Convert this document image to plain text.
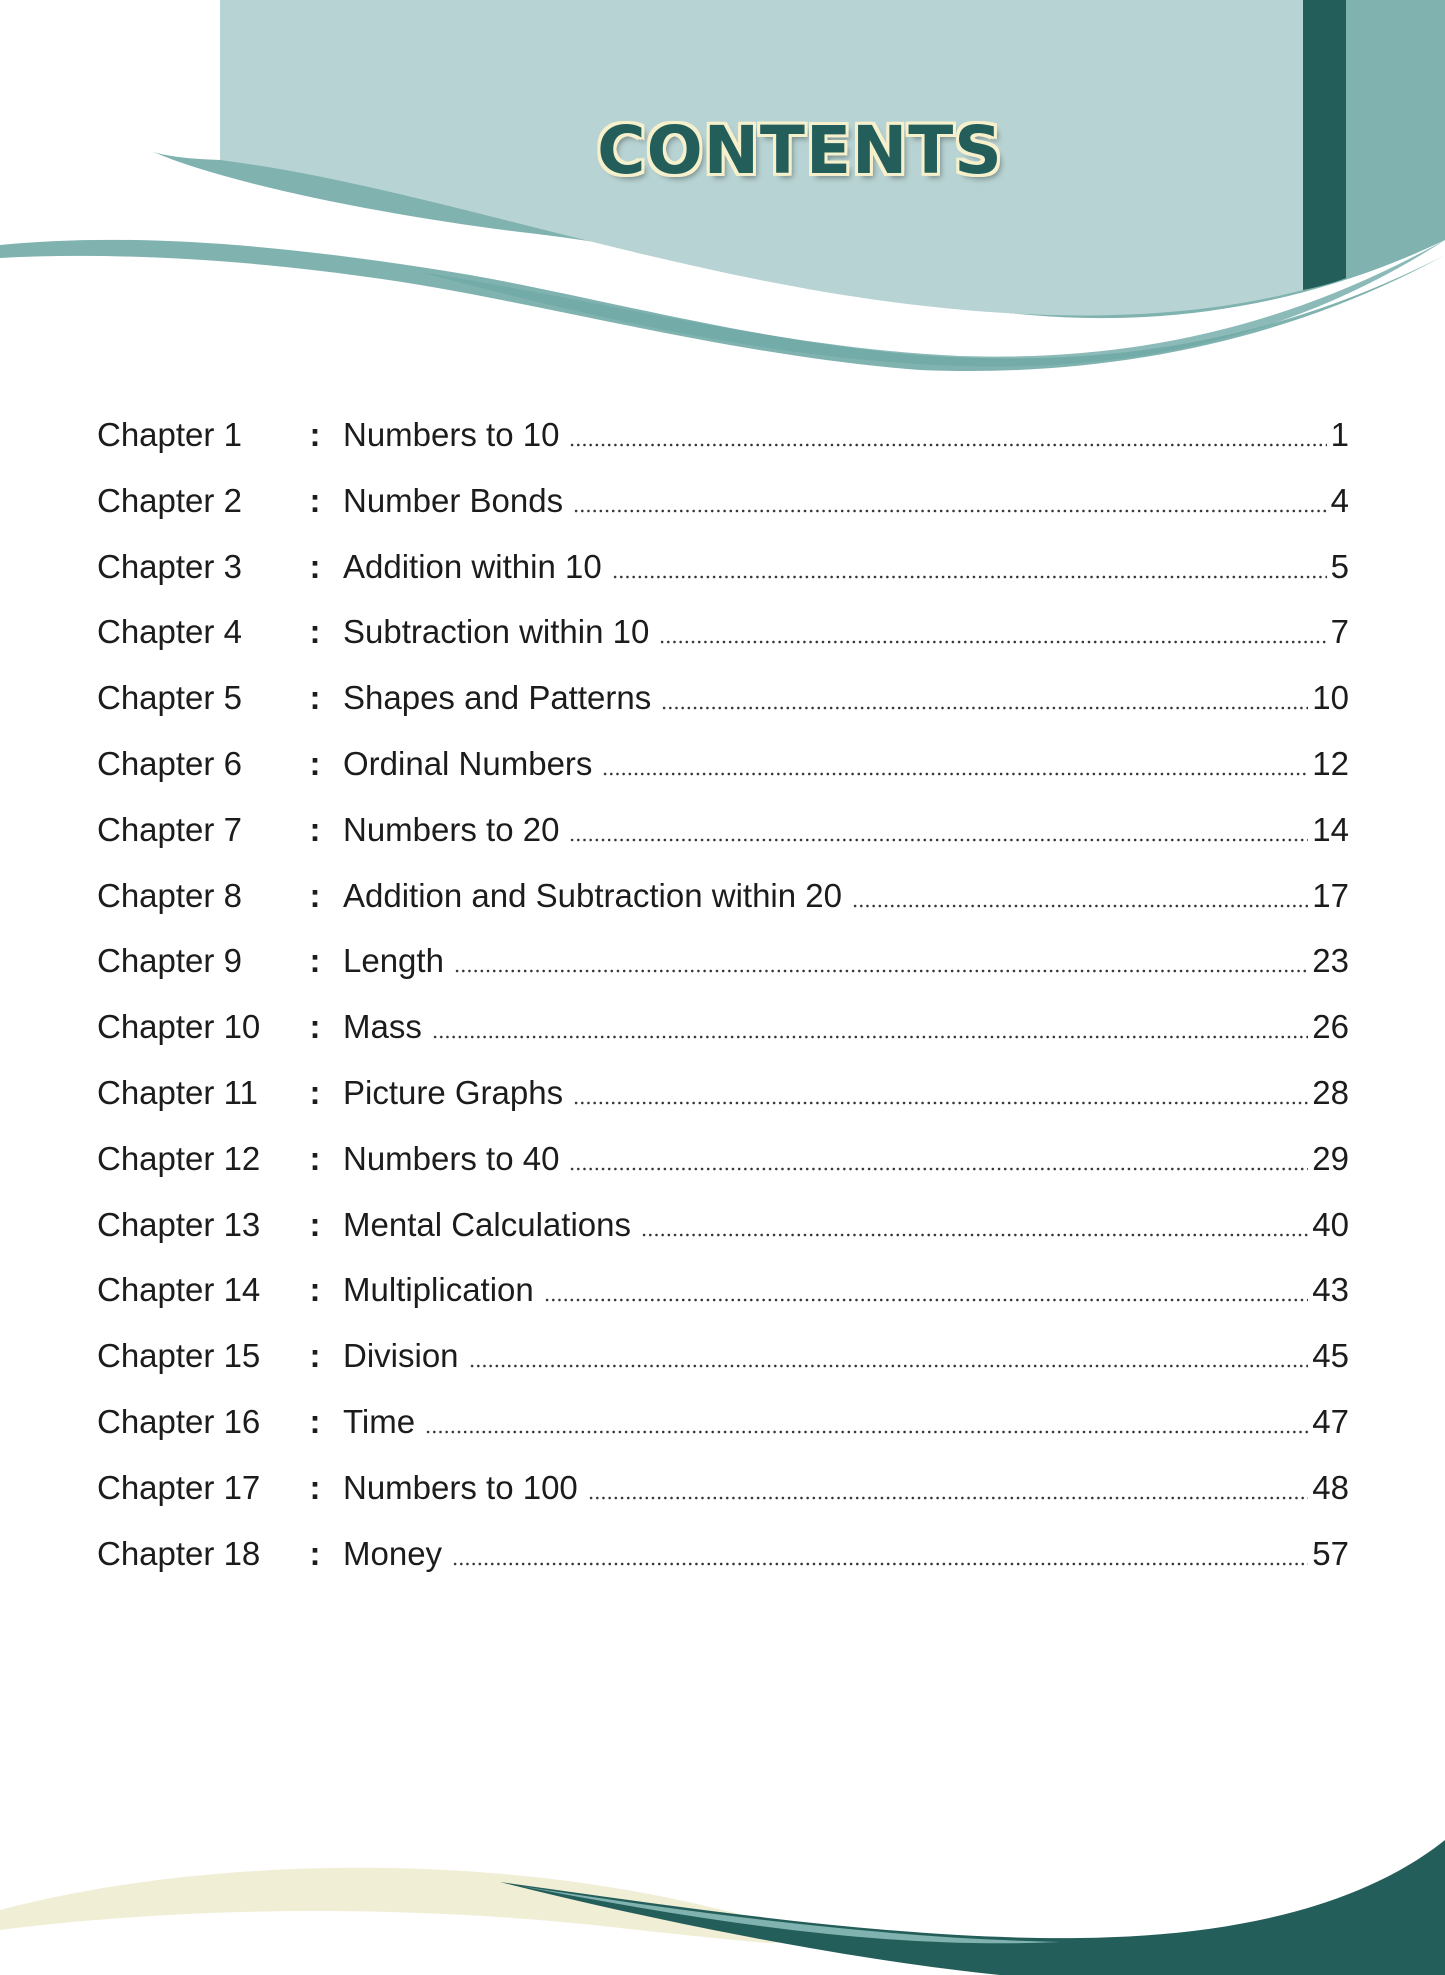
CONTENTS
Chapter 1	: Numbers to 10	1
Chapter 2	: Number Bonds	4
Chapter 3	: Addition within 10	5
Chapter 4	: Subtraction within 10	7
Chapter 5	: Shapes and Patterns	10
Chapter 6	: Ordinal Numbers	12
Chapter 7	: Numbers to 20	14
Chapter 8	: Addition and Subtraction within 20	17
Chapter 9	: Length	23
Chapter 10	: Mass	26
Chapter 11	: Picture Graphs	28
Chapter 12	: Numbers to 40	29
Chapter 13	: Mental Calculations	40
Chapter 14	: Multiplication	43
Chapter 15	: Division	45
Chapter 16	: Time	47
Chapter 17	: Numbers to 100	48
Chapter 18	: Money	57
